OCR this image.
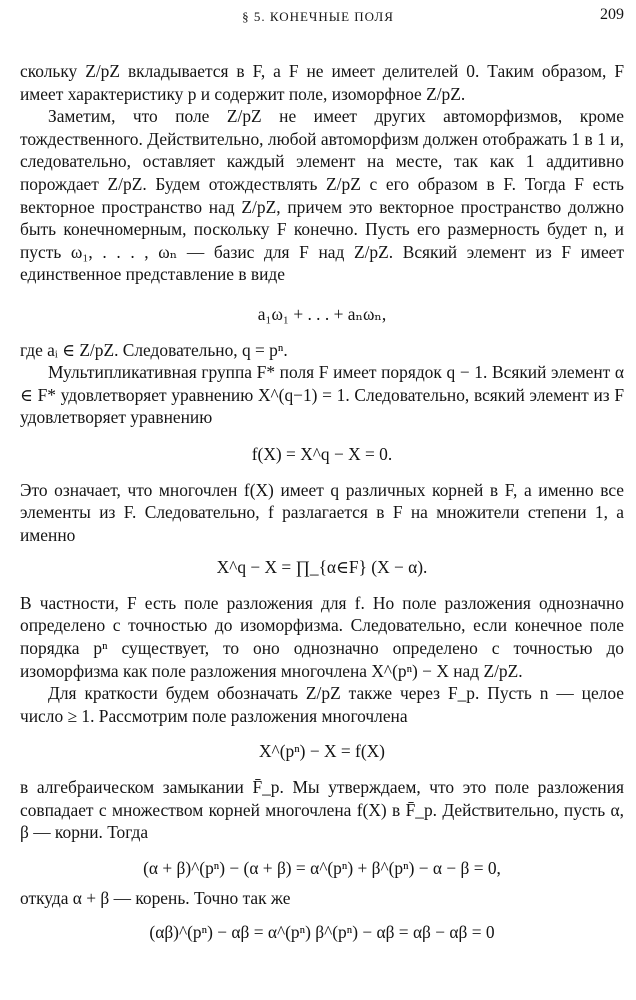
§ 5. КОНЕЧНЫЕ ПОЛЯ	209

скольку Z/pZ вкладывается в F, а F не имеет делителей 0. Таким образом, F имеет характеристику p и содержит поле, изоморфное Z/pZ.

Заметим, что поле Z/pZ не имеет других автоморфизмов, кроме тождественного. Действительно, любой автоморфизм должен отображать 1 в 1 и, следовательно, оставляет каждый элемент на месте, так как 1 аддитивно порождает Z/pZ. Будем отождествлять Z/pZ с его образом в F. Тогда F есть векторное пространство над Z/pZ, причем это векторное пространство должно быть конечномерным, поскольку F конечно. Пусть его размерность будет n, и пусть ω₁, . . . , ωₙ — базис для F над Z/pZ. Всякий элемент из F имеет единственное представление в виде

a₁ω₁ + . . . + aₙωₙ,

где aᵢ ∈ Z/pZ. Следовательно, q = pⁿ.

Мультипликативная группа F* поля F имеет порядок q − 1. Всякий элемент α ∈ F* удовлетворяет уравнению X^(q−1) = 1. Следовательно, всякий элемент из F удовлетворяет уравнению

f(X) = X^q − X = 0.

Это означает, что многочлен f(X) имеет q различных корней в F, а именно все элементы из F. Следовательно, f разлагается в F на множители степени 1, а именно

X^q − X = ∏_{α∈F} (X − α).

В частности, F есть поле разложения для f. Но поле разложения однозначно определено с точностью до изоморфизма. Следовательно, если конечное поле порядка pⁿ существует, то оно однозначно определено с точностью до изоморфизма как поле разложения многочлена X^(pⁿ) − X над Z/pZ.

Для краткости будем обозначать Z/pZ также через F_p. Пусть n — целое число ≥ 1. Рассмотрим поле разложения многочлена

X^(pⁿ) − X = f(X)

в алгебраическом замыкании F̄_p. Мы утверждаем, что это поле разложения совпадает с множеством корней многочлена f(X) в F̄_p. Действительно, пусть α, β — корни. Тогда

(α + β)^(pⁿ) − (α + β) = α^(pⁿ) + β^(pⁿ) − α − β = 0,

откуда α + β — корень. Точно так же

(αβ)^(pⁿ) − αβ = α^(pⁿ) β^(pⁿ) − αβ = αβ − αβ = 0
